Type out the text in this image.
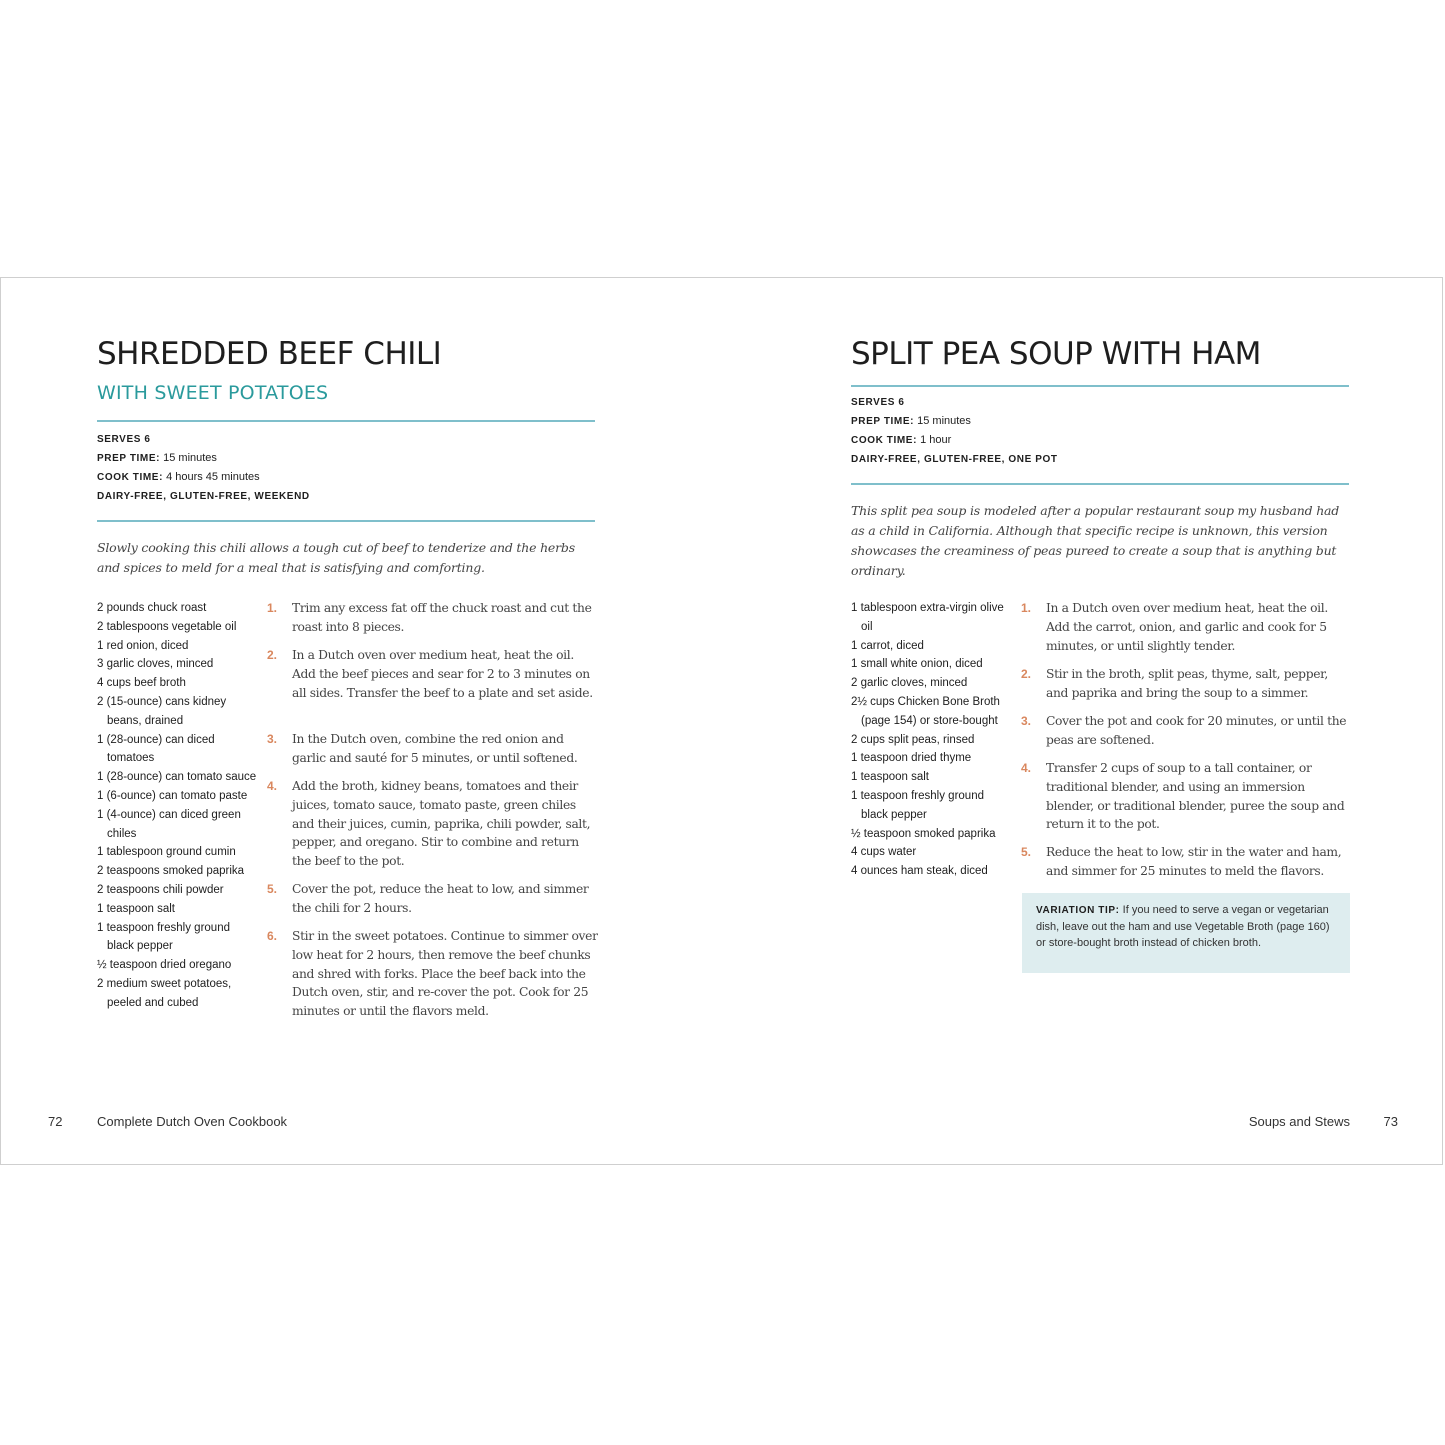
SHREDDED BEEF CHILI
WITH SWEET POTATOES
SERVES 6
PREP TIME: 15 minutes
COOK TIME: 4 hours 45 minutes
DAIRY-FREE, GLUTEN-FREE, WEEKEND

Slowly cooking this chili allows a tough cut of beef to tenderize and the herbs and spices to meld for a meal that is satisfying and comforting.

2 pounds chuck roast
2 tablespoons vegetable oil
1 red onion, diced
3 garlic cloves, minced
4 cups beef broth
2 (15-ounce) cans kidney beans, drained
1 (28-ounce) can diced tomatoes
1 (28-ounce) can tomato sauce
1 (6-ounce) can tomato paste
1 (4-ounce) can diced green chiles
1 tablespoon ground cumin
2 teaspoons smoked paprika
2 teaspoons chili powder
1 teaspoon salt
1 teaspoon freshly ground black pepper
½ teaspoon dried oregano
2 medium sweet potatoes, peeled and cubed
1. Trim any excess fat off the chuck roast and cut the roast into 8 pieces.
2. In a Dutch oven over medium heat, heat the oil. Add the beef pieces and sear for 2 to 3 minutes on all sides. Transfer the beef to a plate and set aside.
3. In the Dutch oven, combine the red onion and garlic and sauté for 5 minutes, or until softened.
4. Add the broth, kidney beans, tomatoes and their juices, tomato sauce, tomato paste, green chiles and their juices, cumin, paprika, chili powder, salt, pepper, and oregano. Stir to combine and return the beef to the pot.
5. Cover the pot, reduce the heat to low, and simmer the chili for 2 hours.
6. Stir in the sweet potatoes. Continue to simmer over low heat for 2 hours, then remove the beef chunks and shred with forks. Place the beef back into the Dutch oven, stir, and re-cover the pot. Cook for 25 minutes or until the flavors meld.
72	Complete Dutch Oven Cookbook
SPLIT PEA SOUP WITH HAM
SERVES 6
PREP TIME: 15 minutes
COOK TIME: 1 hour
DAIRY-FREE, GLUTEN-FREE, ONE POT

This split pea soup is modeled after a popular restaurant soup my husband had as a child in California. Although that specific recipe is unknown, this version showcases the creaminess of peas pureed to create a soup that is anything but ordinary.

1 tablespoon extra-virgin olive oil
1 carrot, diced
1 small white onion, diced
2 garlic cloves, minced
2½ cups Chicken Bone Broth (page 154) or store-bought
2 cups split peas, rinsed
1 teaspoon dried thyme
1 teaspoon salt
1 teaspoon freshly ground black pepper
½ teaspoon smoked paprika
4 cups water
4 ounces ham steak, diced
1. In a Dutch oven over medium heat, heat the oil. Add the carrot, onion, and garlic and cook for 5 minutes, or until slightly tender.
2. Stir in the broth, split peas, thyme, salt, pepper, and paprika and bring the soup to a simmer.
3. Cover the pot and cook for 20 minutes, or until the peas are softened.
4. Transfer 2 cups of soup to a tall container, or traditional blender, and using an immersion blender, or traditional blender, puree the soup and return it to the pot.
5. Reduce the heat to low, stir in the water and ham, and simmer for 25 minutes to meld the flavors.
VARIATION TIP: If you need to serve a vegan or vegetarian dish, leave out the ham and use Vegetable Broth (page 160) or store-bought broth instead of chicken broth.
Soups and Stews	73
